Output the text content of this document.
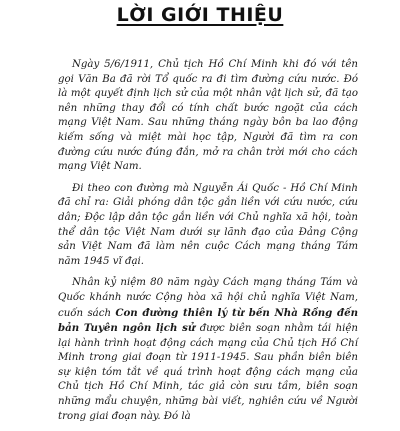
LỜI GIỚI THIỆU

Ngày 5/6/1911, Chủ tịch Hồ Chí Minh khi đó với tên gọi Văn Ba đã rời Tổ quốc ra đi tìm đường cứu nước. Đó là một quyết định lịch sử của một nhân vật lịch sử, đã tạo nên những thay đổi có tính chất bước ngoặt của cách mạng Việt Nam. Sau những tháng ngày bôn ba lao động kiếm sống và miệt mài học tập, Người đã tìm ra con đường cứu nước đúng đắn, mở ra chân trời mới cho cách mạng Việt Nam.

Đi theo con đường mà Nguyễn Ái Quốc - Hồ Chí Minh đã chỉ ra: Giải phóng dân tộc gắn liền với cứu nước, cứu dân; Độc lập dân tộc gắn liền với Chủ nghĩa xã hội, toàn thể dân tộc Việt Nam dưới sự lãnh đạo của Đảng Cộng sản Việt Nam đã làm nên cuộc Cách mạng tháng Tám năm 1945 vĩ đại.

Nhân kỷ niệm 80 năm ngày Cách mạng tháng Tám và Quốc khánh nước Cộng hòa xã hội chủ nghĩa Việt Nam, cuốn sách Con đường thiên lý từ bến Nhà Rồng đến bản Tuyên ngôn lịch sử được biên soạn nhằm tái hiện lại hành trình hoạt động cách mạng của Chủ tịch Hồ Chí Minh trong giai đoạn từ 1911-1945. Sau phần biên biên sự kiện tóm tắt về quá trình hoạt động cách mạng của Chủ tịch Hồ Chí Minh, tác giả còn sưu tầm, biên soạn những mẩu chuyện, những bài viết, nghiên cứu về Người trong giai đoạn này. Đó là
